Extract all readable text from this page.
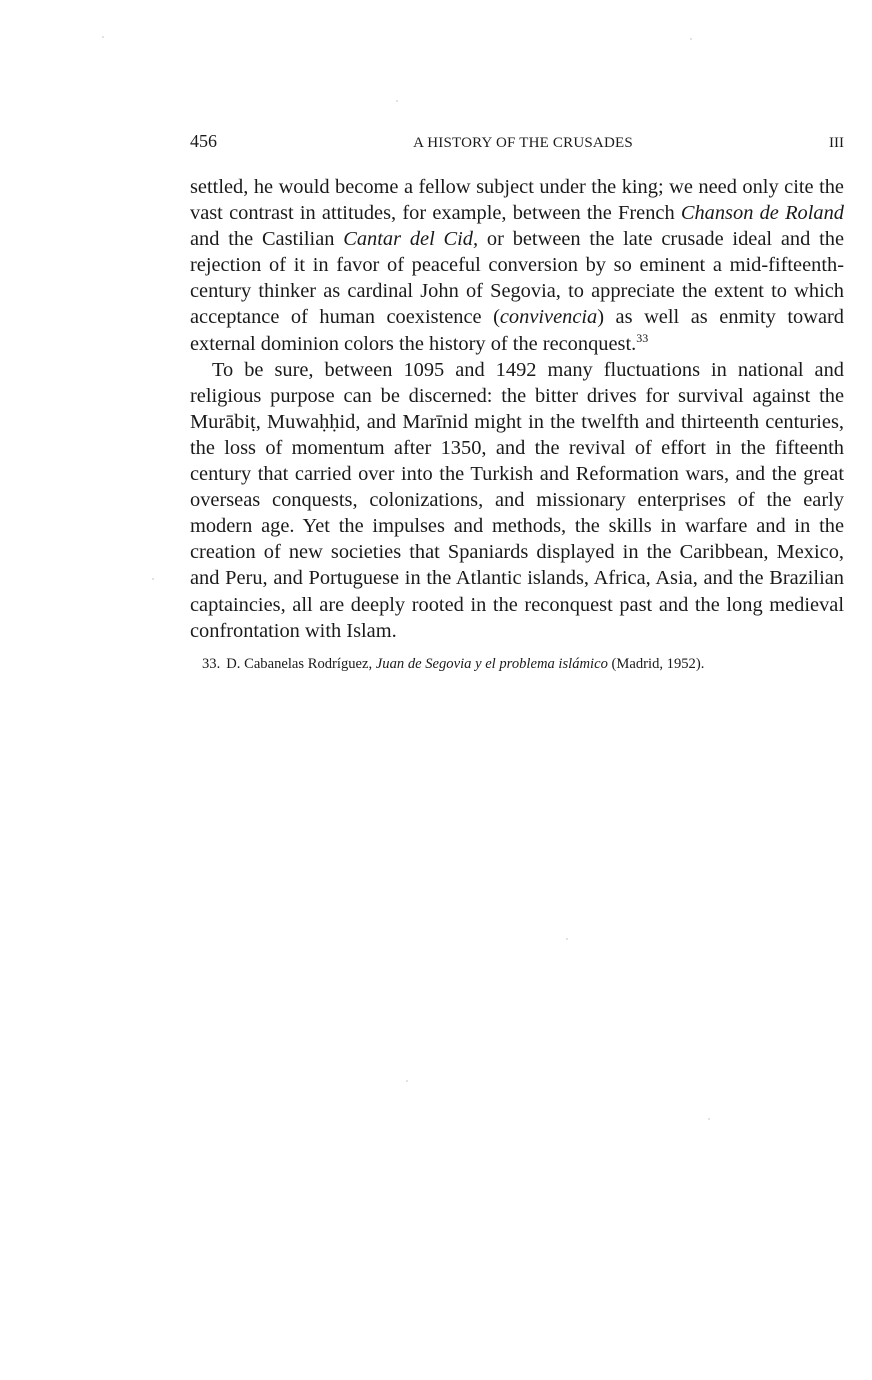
456	A HISTORY OF THE CRUSADES	III

settled, he would become a fellow subject under the king; we need only cite the vast contrast in attitudes, for example, between the French Chanson de Roland and the Castilian Cantar del Cid, or between the late crusade ideal and the rejection of it in favor of peaceful conversion by so eminent a mid-fifteenth-century thinker as cardinal John of Segovia, to appreciate the extent to which acceptance of human coexistence (convivencia) as well as enmity toward external dominion colors the history of the reconquest.$^{33}$

To be sure, between 1095 and 1492 many fluctuations in national and religious purpose can be discerned: the bitter drives for survival against the Murābiṭ, Muwaḥḥid, and Marīnid might in the twelfth and thirteenth centuries, the loss of momentum after 1350, and the revival of effort in the fifteenth century that carried over into the Turkish and Reformation wars, and the great overseas conquests, colonizations, and missionary enterprises of the early modern age. Yet the impulses and methods, the skills in warfare and in the creation of new societies that Spaniards displayed in the Caribbean, Mexico, and Peru, and Portuguese in the Atlantic islands, Africa, Asia, and the Brazilian captaincies, all are deeply rooted in the reconquest past and the long medieval confrontation with Islam.

33. D. Cabanelas Rodríguez, Juan de Segovia y el problema islámico (Madrid, 1952).
